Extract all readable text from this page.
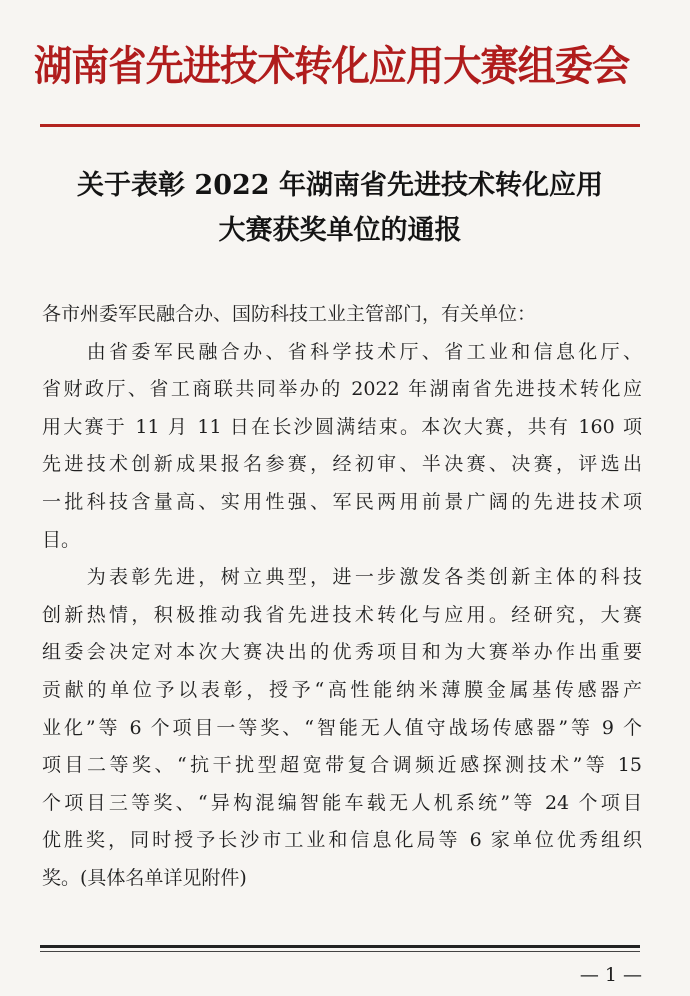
湖南省先进技术转化应用大赛组委会
关于表彰 2022 年湖南省先进技术转化应用
大赛获奖单位的通报
各市州委军民融合办、国防科技工业主管部门，有关单位：
　　由省委军民融合办、省科学技术厅、省工业和信息化厅、
省财政厅、省工商联共同举办的 2022 年湖南省先进技术转化应
用大赛于 11 月 11 日在长沙圆满结束。本次大赛，共有 160 项
先进技术创新成果报名参赛，经初审、半决赛、决赛，评选出
一批科技含量高、实用性强、军民两用前景广阔的先进技术项
目。
　　为表彰先进，树立典型，进一步激发各类创新主体的科技
创新热情，积极推动我省先进技术转化与应用。经研究，大赛
组委会决定对本次大赛决出的优秀项目和为大赛举办作出重要
贡献的单位予以表彰，授予“高性能纳米薄膜金属基传感器产
业化”等 6 个项目一等奖、“智能无人值守战场传感器”等 9 个
项目二等奖、“抗干扰型超宽带复合调频近感探测技术”等 15
个项目三等奖、“异构混编智能车载无人机系统”等 24 个项目
优胜奖，同时授予长沙市工业和信息化局等 6 家单位优秀组织
奖。(具体名单详见附件)
— 1 —
